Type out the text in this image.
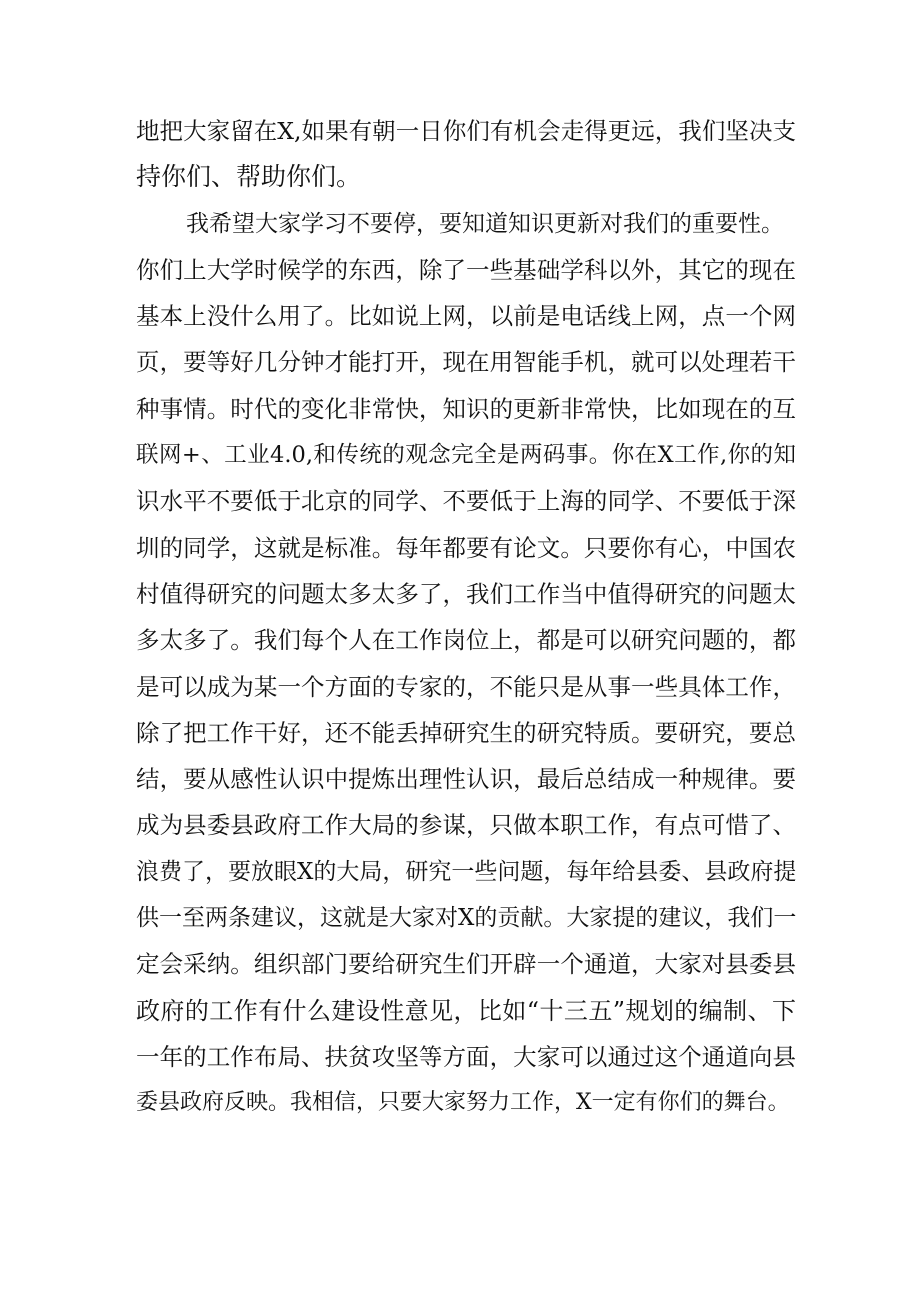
地把大家留在X,如果有朝一日你们有机会走得更远，我们坚决支
持你们、帮助你们。
我希望大家学习不要停，要知道知识更新对我们的重要性。
你们上大学时候学的东西，除了一些基础学科以外，其它的现在
基本上没什么用了。比如说上网，以前是电话线上网，点一个网
页，要等好几分钟才能打开，现在用智能手机，就可以处理若干
种事情。时代的变化非常快，知识的更新非常快，比如现在的互
联网+、工业4.0,和传统的观念完全是两码事。你在X工作,你的知
识水平不要低于北京的同学、不要低于上海的同学、不要低于深
圳的同学，这就是标准。每年都要有论文。只要你有心，中国农
村值得研究的问题太多太多了，我们工作当中值得研究的问题太
多太多了。我们每个人在工作岗位上，都是可以研究问题的，都
是可以成为某一个方面的专家的，不能只是从事一些具体工作，
除了把工作干好，还不能丢掉研究生的研究特质。要研究，要总
结，要从感性认识中提炼出理性认识，最后总结成一种规律。要
成为县委县政府工作大局的参谋，只做本职工作，有点可惜了、
浪费了，要放眼X的大局，研究一些问题，每年给县委、县政府提
供一至两条建议，这就是大家对X的贡献。大家提的建议，我们一
定会采纳。组织部门要给研究生们开辟一个通道，大家对县委县
政府的工作有什么建设性意见，比如“十三五”规划的编制、下
一年的工作布局、扶贫攻坚等方面，大家可以通过这个通道向县
委县政府反映。我相信，只要大家努力工作，X一定有你们的舞台。
